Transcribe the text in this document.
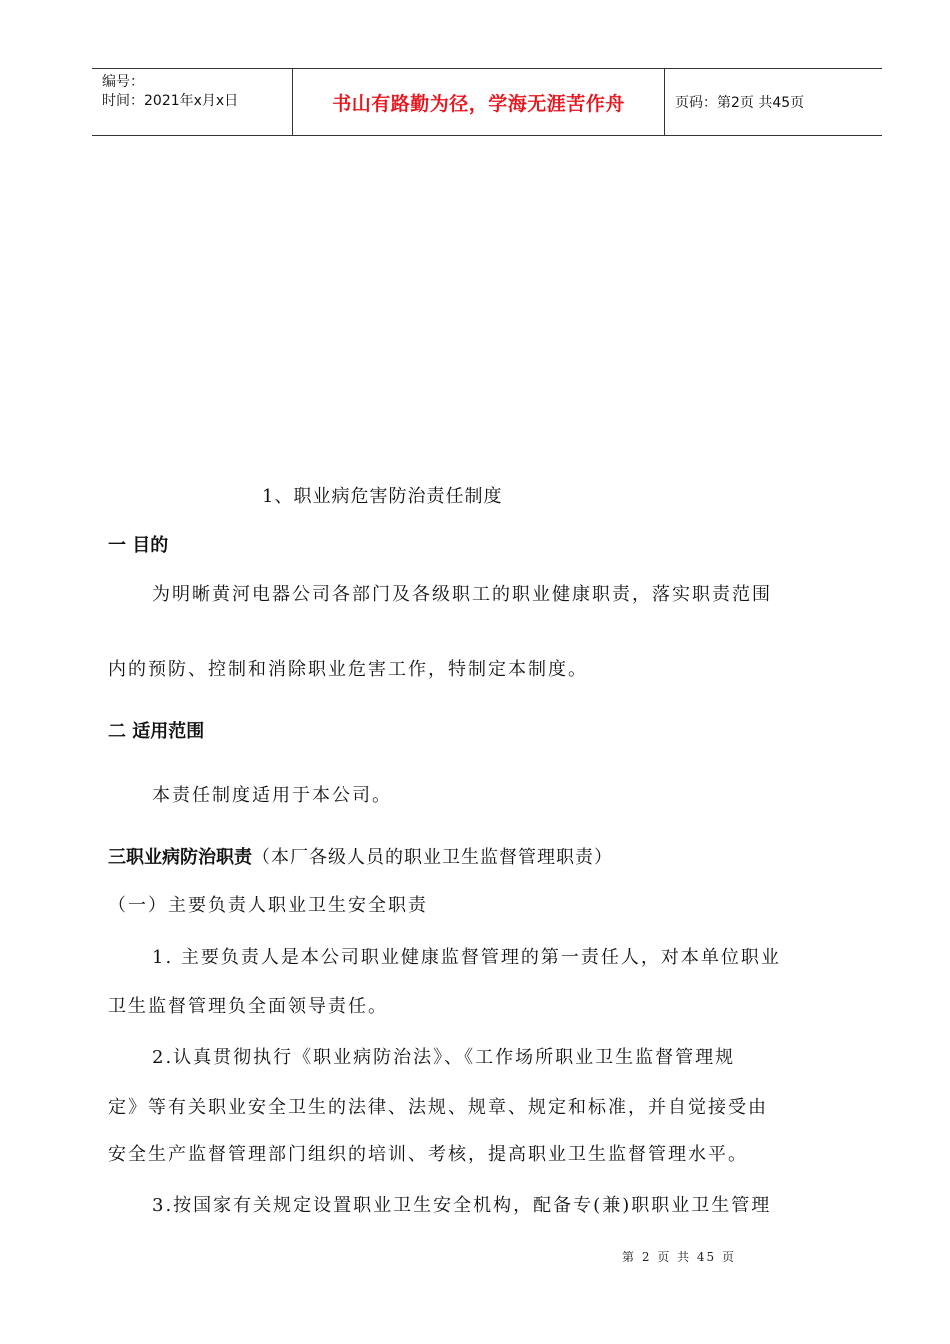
编号：
时间：2021年x月x日	书山有路勤为径，学海无涯苦作舟	页码：第2页 共45页
1、职业病危害防治责任制度
一 目的
为明晰黄河电器公司各部门及各级职工的职业健康职责，落实职责范围
内的预防、控制和消除职业危害工作，特制定本制度。
二 适用范围
本责任制度适用于本公司。
三职业病防治职责（本厂各级人员的职业卫生监督管理职责）
（一）主要负责人职业卫生安全职责
1. 主要负责人是本公司职业健康监督管理的第一责任人，对本单位职业
卫生监督管理负全面领导责任。
2.认真贯彻执行《职业病防治法》、《工作场所职业卫生监督管理规
定》等有关职业安全卫生的法律、法规、规章、规定和标准，并自觉接受由
安全生产监督管理部门组织的培训、考核，提高职业卫生监督管理水平。
3.按国家有关规定设置职业卫生安全机构，配备专(兼)职职业卫生管理
第 2 页 共 45 页
